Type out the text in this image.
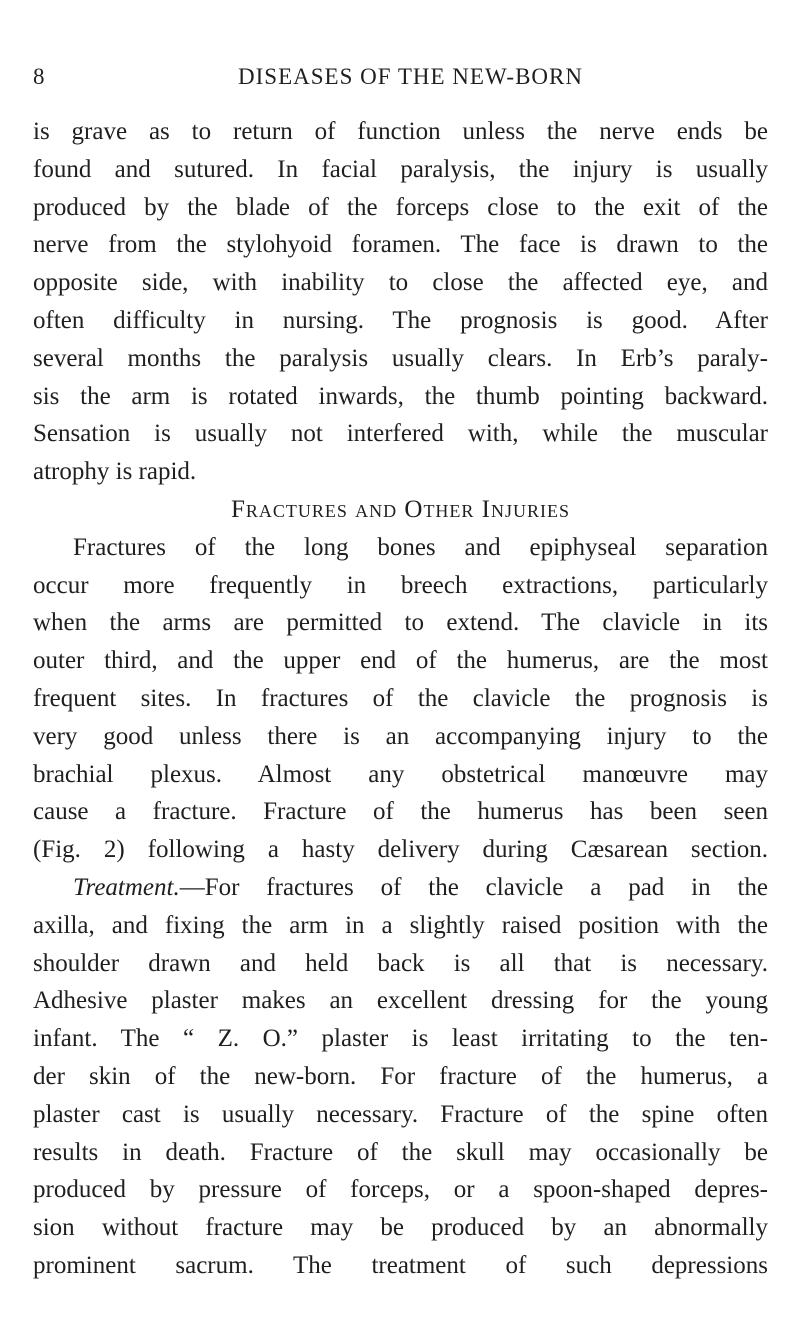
8	DISEASES OF THE NEW-BORN
is grave as to return of function unless the nerve ends be
found and sutured. In facial paralysis, the injury is usually
produced by the blade of the forceps close to the exit of the
nerve from the stylohyoid foramen. The face is drawn to the
opposite side, with inability to close the affected eye, and
often difficulty in nursing. The prognosis is good. After
several months the paralysis usually clears. In Erb’s paraly-
sis the arm is rotated inwards, the thumb pointing backward.
Sensation is usually not interfered with, while the muscular
atrophy is rapid.
Fractures and Other Injuries
Fractures of the long bones and epiphyseal separation
occur more frequently in breech extractions, particularly
when the arms are permitted to extend. The clavicle in its
outer third, and the upper end of the humerus, are the most
frequent sites. In fractures of the clavicle the prognosis is
very good unless there is an accompanying injury to the
brachial plexus. Almost any obstetrical manœuvre may
cause a fracture. Fracture of the humerus has been seen
(Fig. 2) following a hasty delivery during Cæsarean section.
Treatment.—For fractures of the clavicle a pad in the
axilla, and fixing the arm in a slightly raised position with the
shoulder drawn and held back is all that is necessary.
Adhesive plaster makes an excellent dressing for the young
infant. The “ Z. O.” plaster is least irritating to the ten-
der skin of the new-born. For fracture of the humerus, a
plaster cast is usually necessary. Fracture of the spine often
results in death. Fracture of the skull may occasionally be
produced by pressure of forceps, or a spoon-shaped depres-
sion without fracture may be produced by an abnormally
prominent sacrum. The treatment of such depressions
